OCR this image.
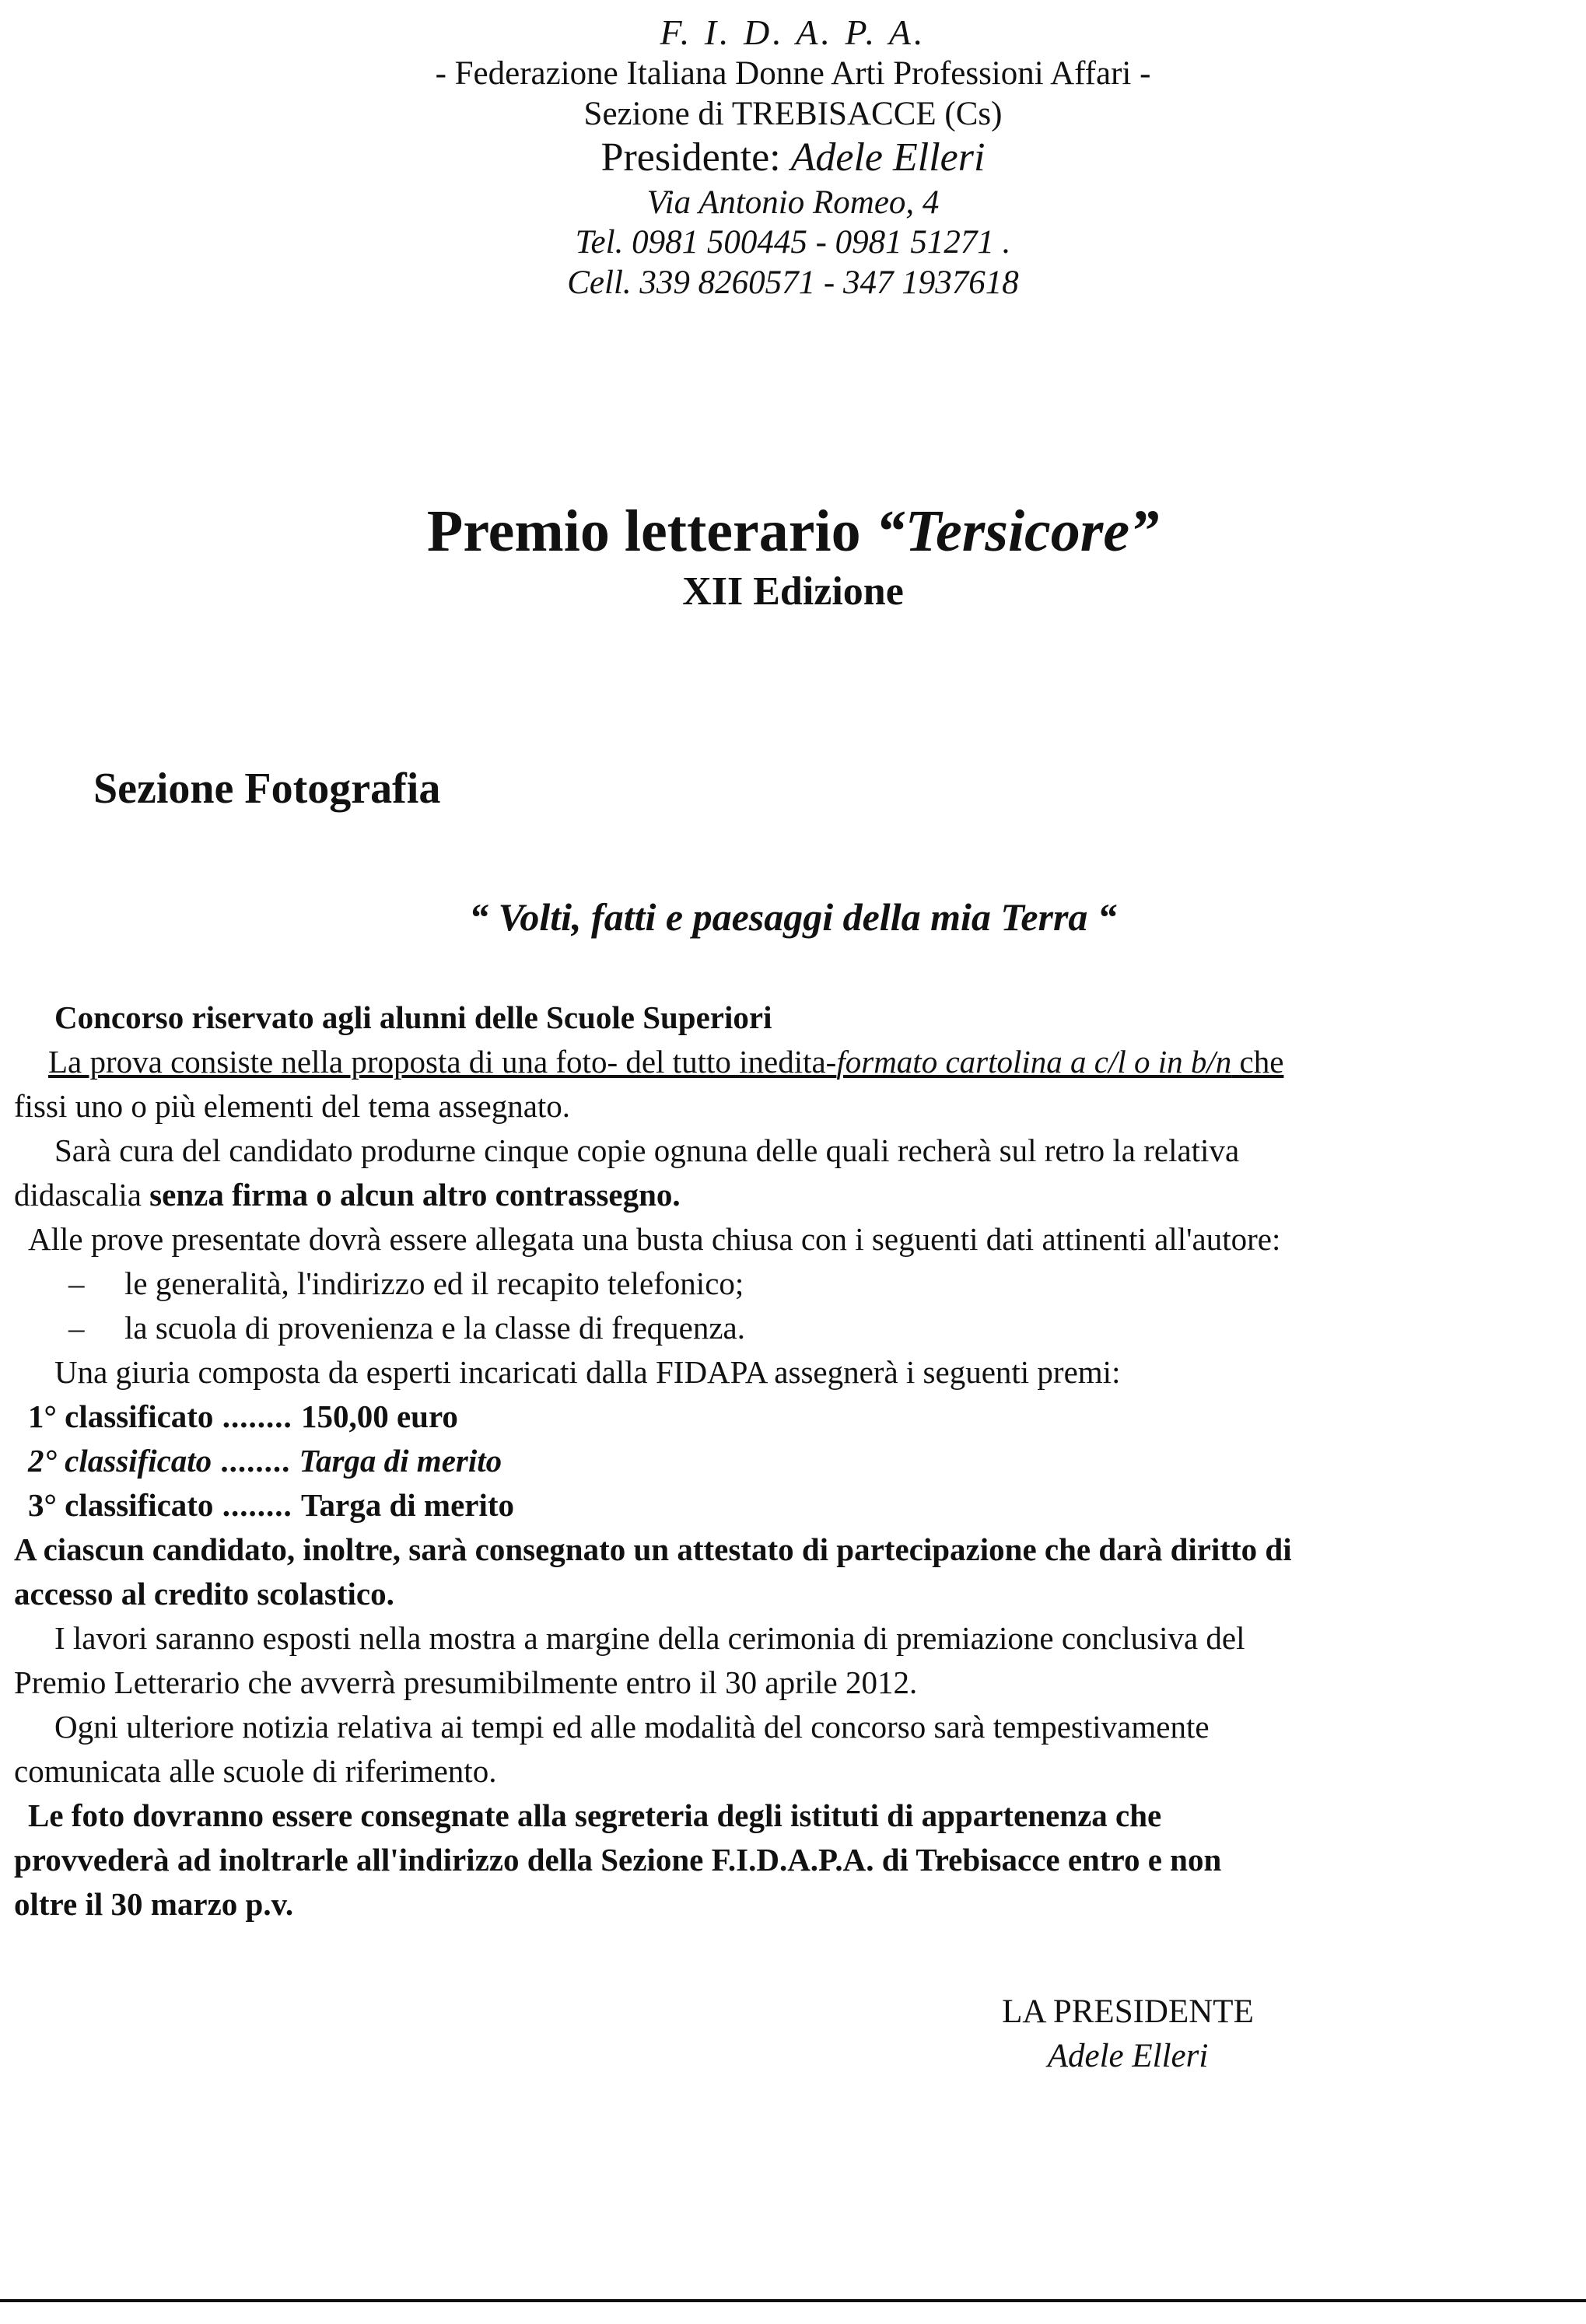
F. I. D. A. P. A.
- Federazione Italiana Donne Arti Professioni Affari -
Sezione di TREBISACCE (Cs)
Presidente: Adele Elleri
Via Antonio Romeo, 4
Tel. 0981 500445 - 0981 51271 .
Cell. 339 8260571 - 347 1937618
Premio letterario “Tersicore”
XII Edizione
Sezione Fotografia
“ Volti, fatti e paesaggi della mia Terra “
Concorso riservato agli alunni delle Scuole Superiori
La prova consiste nella proposta di una foto- del tutto inedita-formato cartolina a c/l o in b/n che
fissi uno o più elementi del tema assegnato.
Sarà cura del candidato produrne cinque copie ognuna delle quali recherà sul retro la relativa
didascalia senza firma o alcun altro contrassegno.
Alle prove presentate dovrà essere allegata una busta chiusa con i seguenti dati attinenti all'autore:
– le generalità, l'indirizzo ed il recapito telefonico;
– la scuola di provenienza e la classe di frequenza.
Una giuria composta da esperti incaricati dalla FIDAPA assegnerà i seguenti premi:
1° classificato ........ 150,00 euro
2° classificato ........ Targa di merito
3° classificato ........ Targa di merito
A ciascun candidato, inoltre, sarà consegnato un attestato di partecipazione che darà diritto di
accesso al credito scolastico.
I lavori saranno esposti nella mostra a margine della cerimonia di premiazione conclusiva del
Premio Letterario che avverrà presumibilmente entro il 30 aprile 2012.
Ogni ulteriore notizia relativa ai tempi ed alle modalità del concorso sarà tempestivamente
comunicata alle scuole di riferimento.
Le foto dovranno essere consegnate alla segreteria degli istituti di appartenenza che
provvederà ad inoltrarle all'indirizzo della Sezione F.I.D.A.P.A. di Trebisacce entro e non
oltre il 30 marzo p.v.
LA PRESIDENTE
Adele Elleri
